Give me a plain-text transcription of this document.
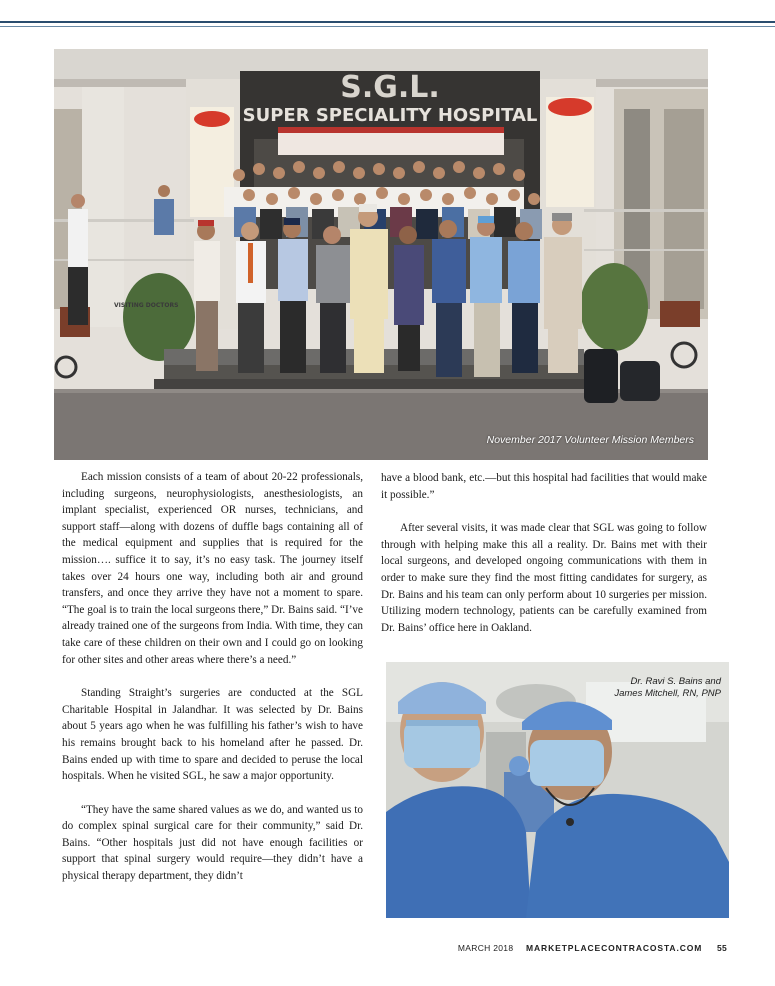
S.G.L.
SUPER SPECIALITY HOSPITAL
VISITING DOCTORS
November 2017 Volunteer Mission Members

Each mission consists of a team of about 20-22 professionals, including surgeons, neurophysiologists, anesthesiologists, an implant specialist, experienced OR nurses, technicians, and support staff—along with dozens of duffle bags containing all of the medical equipment and supplies that is required for the mission…. suffice it to say, it’s no easy task. The journey itself takes over 24 hours one way, including both air and ground transfers, and once they arrive they have not a moment to spare. “The goal is to train the local surgeons there,” Dr. Bains said. “I’ve already trained one of the surgeons from India. With time, they can take care of these children on their own and I could go on looking for other sites and other areas where there’s a need.”

Standing Straight’s surgeries are conducted at the SGL Charitable Hospital in Jalandhar. It was selected by Dr. Bains about 5 years ago when he was fulfilling his father’s wish to have his remains brought back to his homeland after he passed. Dr. Bains ended up with time to spare and decided to peruse the local hospitals. When he visited SGL, he saw a major opportunity.

“They have the same shared values as we do, and wanted us to do complex spinal surgical care for their community,” said Dr. Bains. “Other hospitals just did not have enough facilities or support that spinal surgery would require—they didn’t have a physical therapy department, they didn’t

have a blood bank, etc.—but this hospital had facilities that would make it possible.”

After several visits, it was made clear that SGL was going to follow through with helping make this all a reality. Dr. Bains met with their local surgeons, and developed ongoing communications with them in order to make sure they find the most fitting candidates for surgery, as Dr. Bains and his team can only perform about 10 surgeries per mission. Utilizing modern technology, patients can be carefully examined from Dr. Bains’ office here in Oakland.

Dr. Ravi S. Bains and
James Mitchell, RN, PNP
MARCH 2018 MARKETPLACECONTRACOSTA.COM 55
